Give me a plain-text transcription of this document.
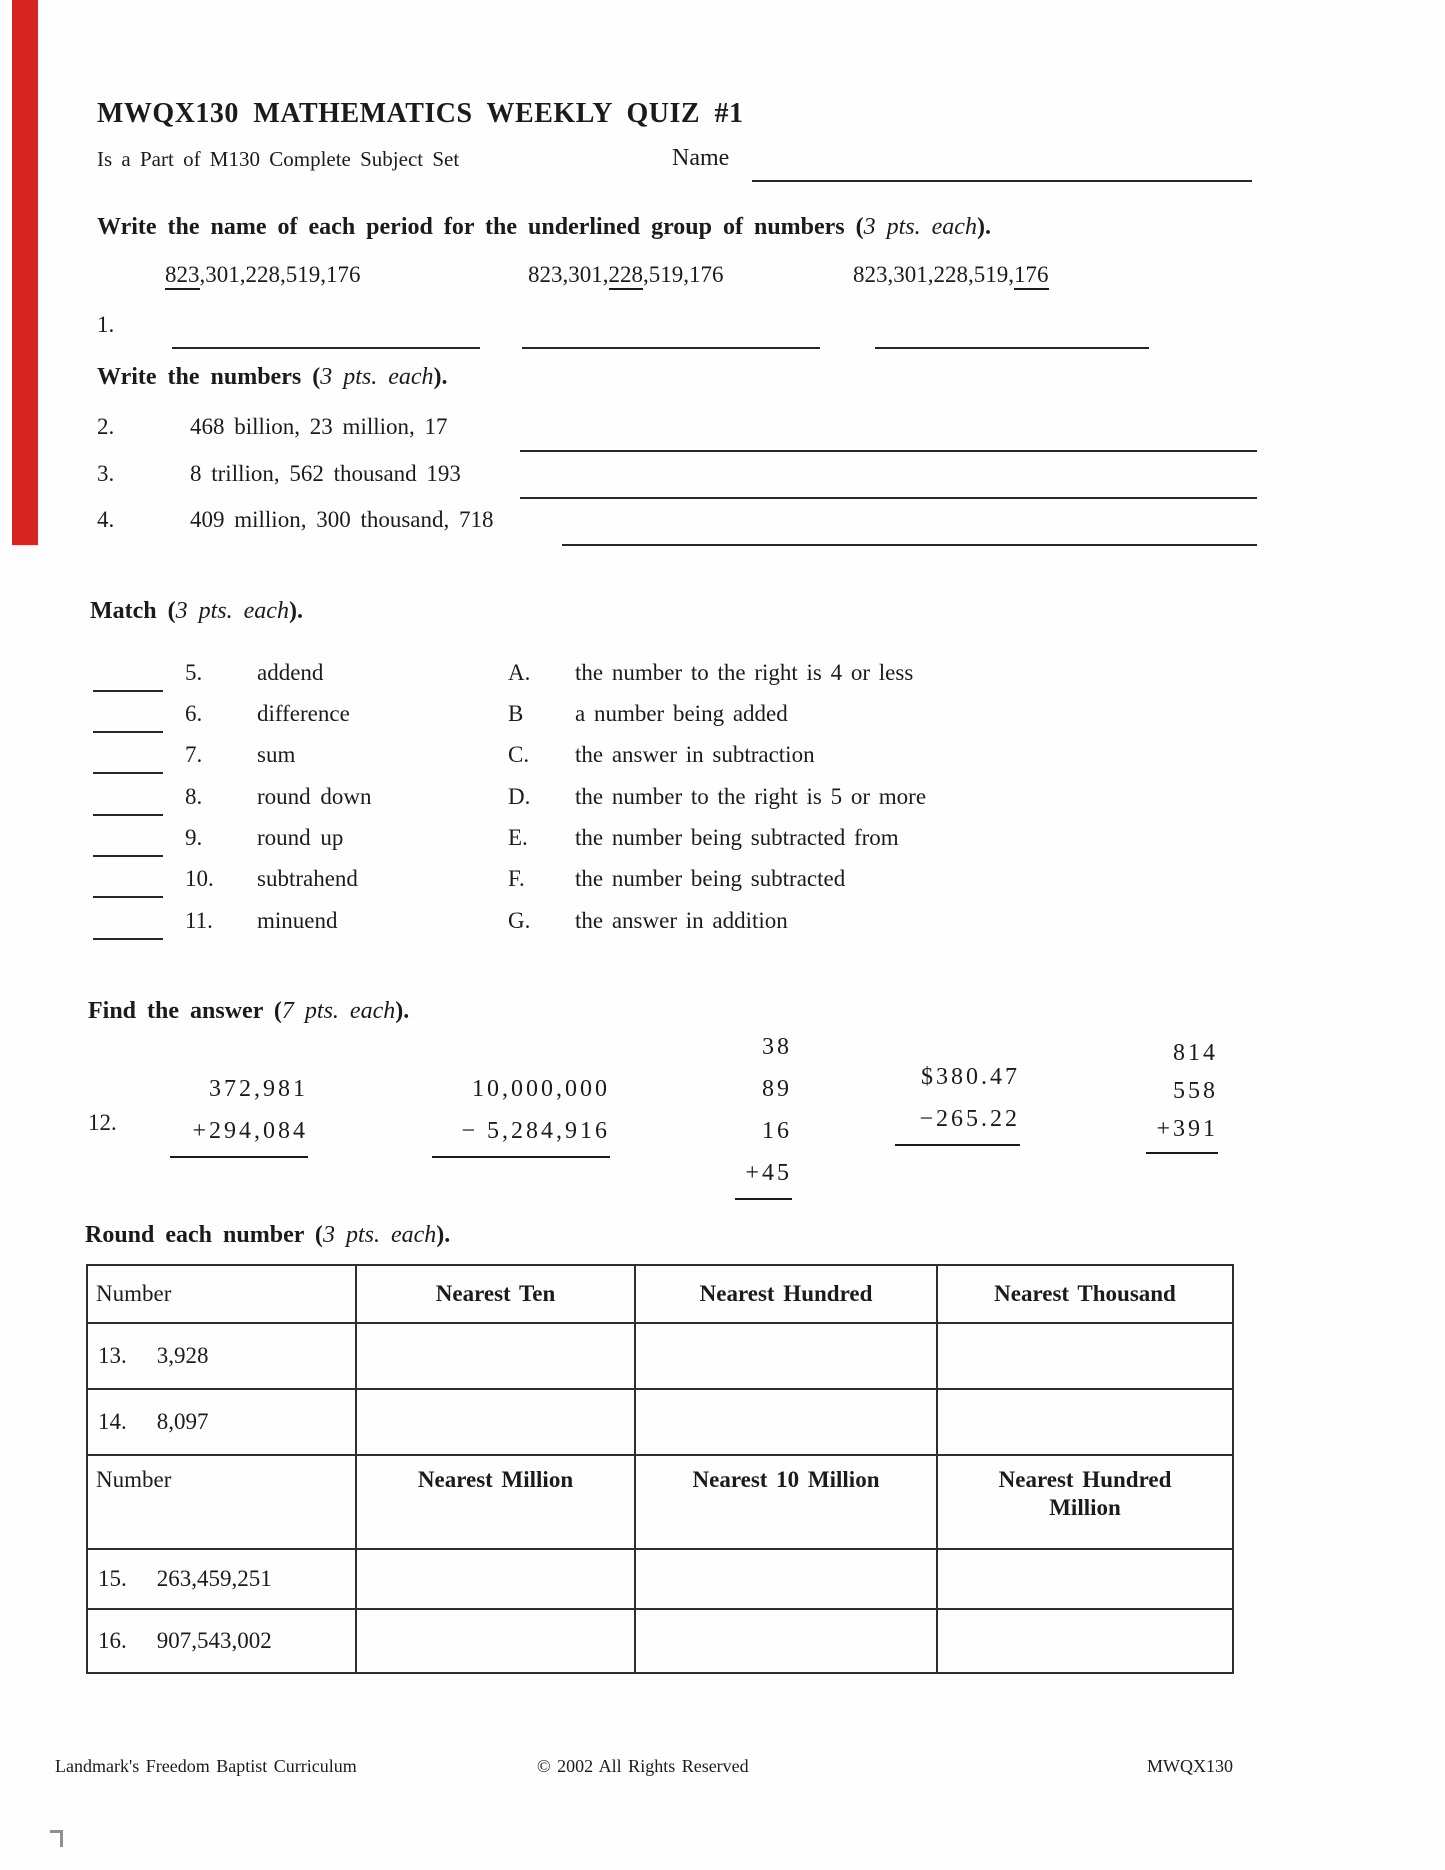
MWQX130 MATHEMATICS WEEKLY QUIZ #1
Is a Part of M130 Complete Subject Set	Name
Write the name of each period for the underlined group of numbers (3 pts. each).
823,301,228,519,176	823,301,228,519,176	823,301,228,519,176
1.
Write the numbers (3 pts. each).
2.	468 billion, 23 million, 17
3.	8 trillion, 562 thousand 193
4.	409 million, 300 thousand, 718
Match (3 pts. each).
5. addend	A. the number to the right is 4 or less
6. difference	B a number being added
7. sum	C. the answer in subtraction
8. round down	D. the number to the right is 5 or more
9. round up	E. the number being subtracted from
10. subtrahend	F. the number being subtracted
11. minuend	G. the answer in addition
Find the answer (7 pts. each).
12.
372,981
+294,084
10,000,000
− 5,284,916
38
89
16
+45
$380.47
−265.22
814
558
+391
Round each number (3 pts. each).
Number	Nearest Ten	Nearest Hundred	Nearest Thousand
13. 3,928			
14. 8,097			
Number	Nearest Million	Nearest 10 Million	Nearest Hundred Million
15. 263,459,251			
16. 907,543,002			
Landmark's Freedom Baptist Curriculum	© 2002 All Rights Reserved	MWQX130
